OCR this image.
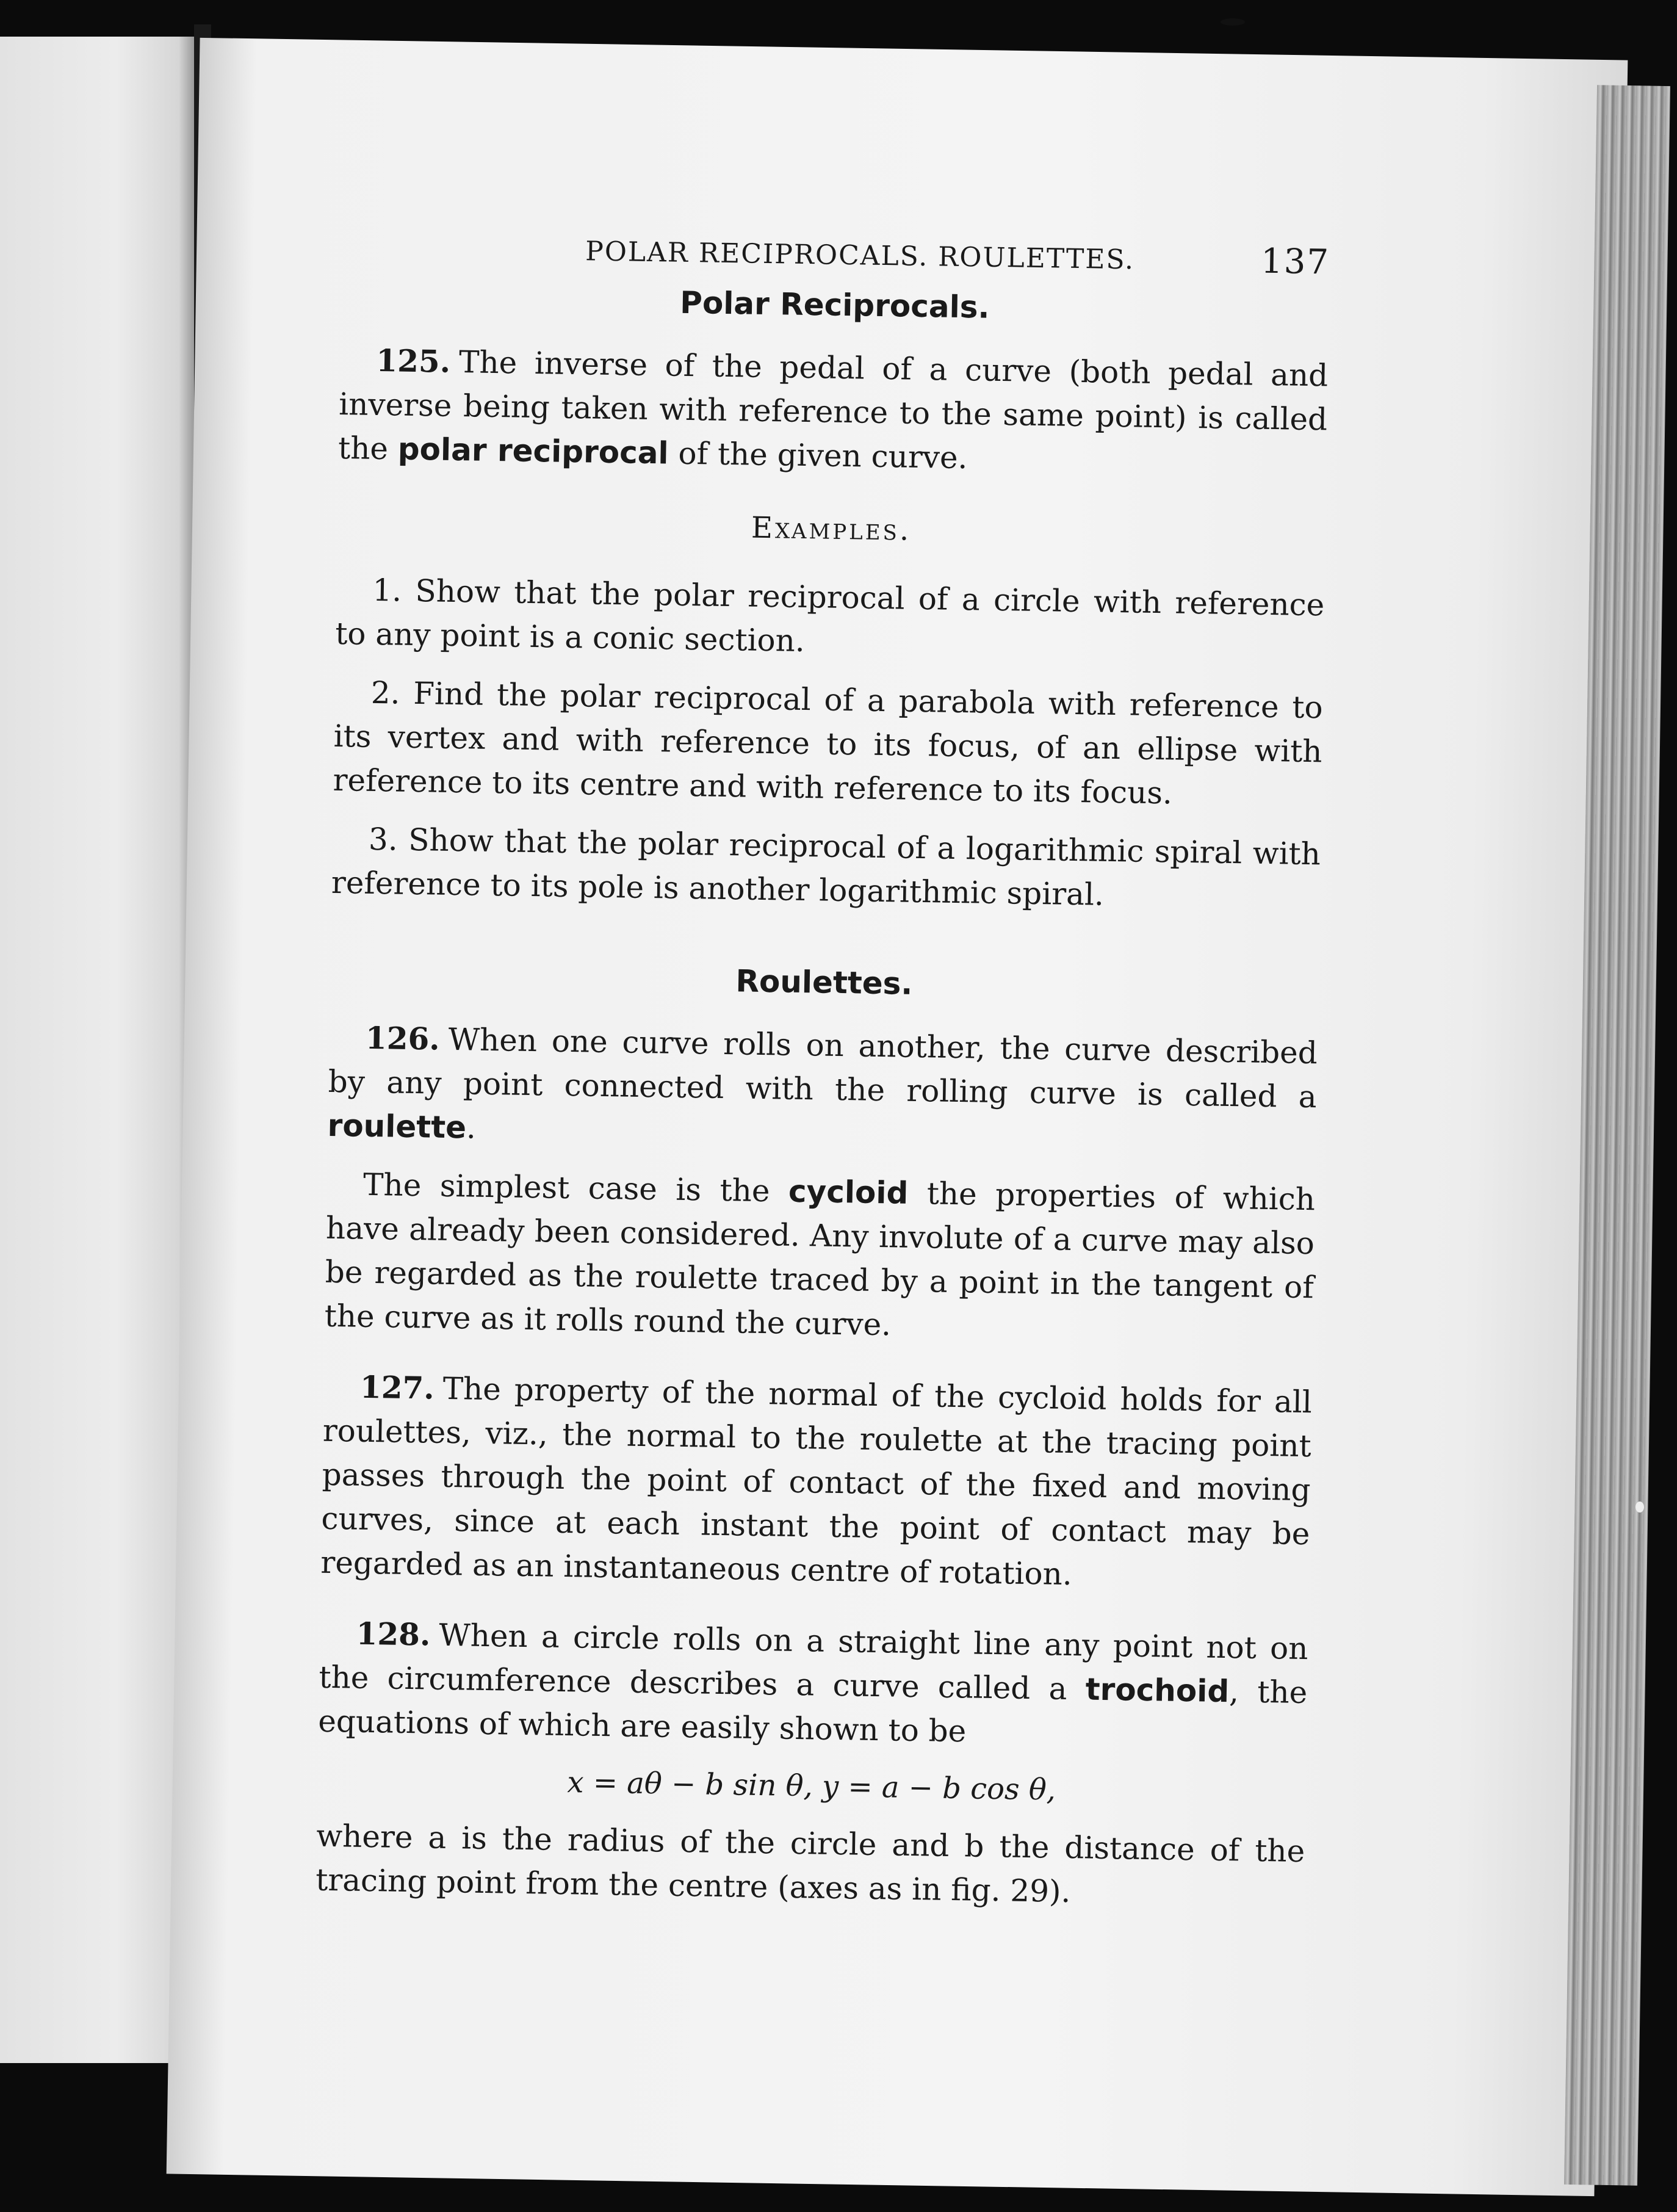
POLAR RECIPROCALS. ROULETTES.	137
Polar Reciprocals.

125. The inverse of the pedal of a curve (both pedal and inverse being taken with reference to the same point) is called the polar reciprocal of the given curve.

Examples.

1. Show that the polar reciprocal of a circle with reference to any point is a conic section.

2. Find the polar reciprocal of a parabola with reference to its vertex and with reference to its focus, of an ellipse with reference to its centre and with reference to its focus.

3. Show that the polar reciprocal of a logarithmic spiral with reference to its pole is another logarithmic spiral.

Roulettes.

126. When one curve rolls on another, the curve described by any point connected with the rolling curve is called a roulette.

The simplest case is the cycloid the properties of which have already been considered. Any involute of a curve may also be regarded as the roulette traced by a point in the tangent of the curve as it rolls round the curve.

127. The property of the normal of the cycloid holds for all roulettes, viz., the normal to the roulette at the tracing point passes through the point of contact of the fixed and moving curves, since at each instant the point of contact may be regarded as an instantaneous centre of rotation.

128. When a circle rolls on a straight line any point not on the circumference describes a curve called a trochoid, the equations of which are easily shown to be

x = aθ − b sin θ, y = a − b cos θ,

where a is the radius of the circle and b the distance of the tracing point from the centre (axes as in fig. 29).
